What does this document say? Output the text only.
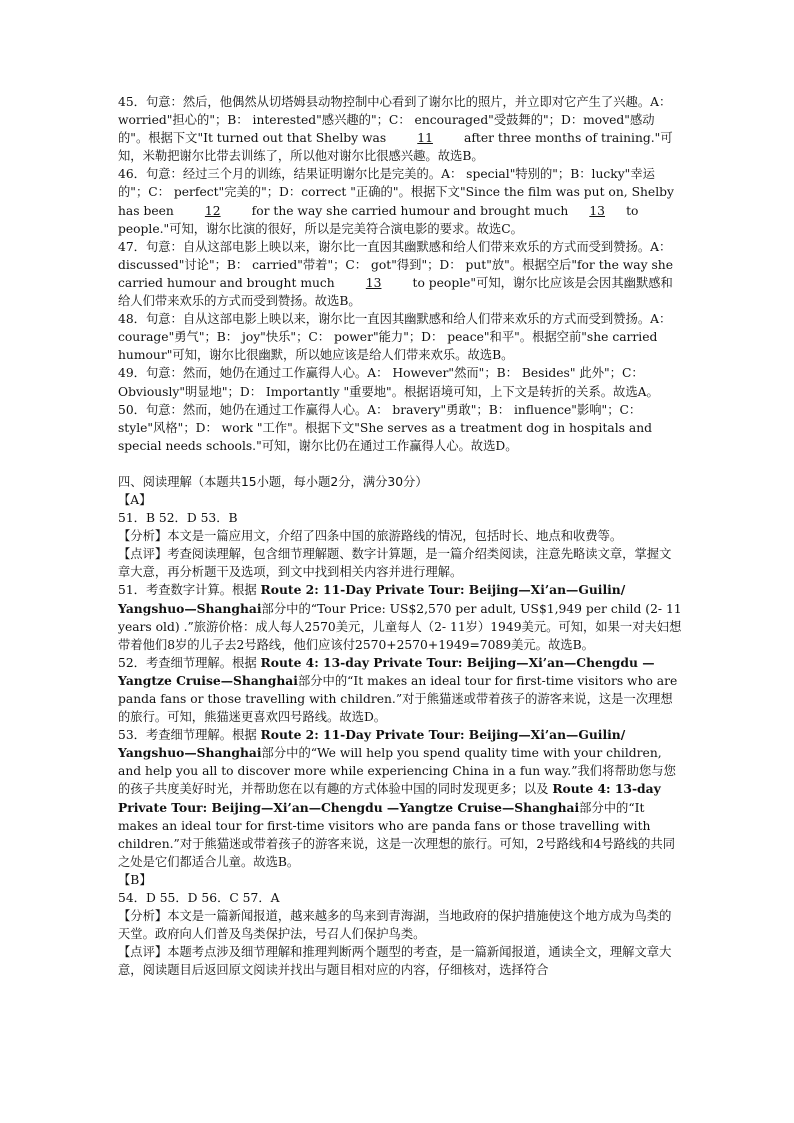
45．句意：然后，他偶然从切塔姆县动物控制中心看到了谢尔比的照片，并立即对它产生了兴趣。A： worried"担心的"；B： interested"感兴趣的"；C： encouraged"受鼓舞的"；D：moved"感动的"。根据下文"It turned out that Shelby was 11 after three months of training."可知，米勒把谢尔比带去训练了，所以他对谢尔比很感兴趣。故选B。

46．句意：经过三个月的训练，结果证明谢尔比是完美的。A： special"特别的"；B：lucky"幸运的"；C： perfect"完美的"；D：correct "正确的"。根据下文"Since the film was put on, Shelby has been 12 for the way she carried humour and brought much 13 to people."可知，谢尔比演的很好，所以是完美符合演电影的要求。故选C。

47．句意：自从这部电影上映以来，谢尔比一直因其幽默感和给人们带来欢乐的方式而受到赞扬。A： discussed"讨论"；B： carried"带着"；C： got"得到"；D： put"放"。根据空后"for the way she carried humour and brought much 13 to people"可知，谢尔比应该是会因其幽默感和给人们带来欢乐的方式而受到赞扬。故选B。

48．句意：自从这部电影上映以来，谢尔比一直因其幽默感和给人们带来欢乐的方式而受到赞扬。A： courage"勇气"；B： joy"快乐"；C： power"能力"；D： peace"和平"。根据空前"she carried humour"可知，谢尔比很幽默，所以她应该是给人们带来欢乐。故选B。

49．句意：然而，她仍在通过工作赢得人心。A： However"然而"；B： Besides" 此外"；C：Obviously"明显地"；D： Importantly "重要地"。根据语境可知，上下文是转折的关系。故选A。

50．句意：然而，她仍在通过工作赢得人心。A： bravery"勇敢"；B： influence"影响"；C：style"风格"；D： work "工作"。根据下文"She serves as a treatment dog in hospitals and special needs schools."可知，谢尔比仍在通过工作赢得人心。故选D。

四、阅读理解（本题共15小题，每小题2分，满分30分）

【A】

51．B 52．D 53．B

【分析】本文是一篇应用文，介绍了四条中国的旅游路线的情况，包括时长、地点和收费等。

【点评】考查阅读理解，包含细节理解题、数字计算题，是一篇介绍类阅读，注意先略读文章，掌握文章大意，再分析题干及选项，到文中找到相关内容并进行理解。

51．考查数字计算。根据 Route 2: 11-Day Private Tour: Beijing—Xi’an—Guilin/ Yangshuo—Shanghai部分中的“Tour Price: US$2,570 per adult, US$1,949 per child (2- 11 years old) .”旅游价格：成人每人2570美元，儿童每人（2- 11岁）1949美元。可知，如果一对夫妇想带着他们8岁的儿子去2号路线，他们应该付2570+2570+1949=7089美元。故选B。

52．考查细节理解。根据 Route 4: 13-day Private Tour: Beijing—Xi’an—Chengdu —Yangtze Cruise—Shanghai部分中的“It makes an ideal tour for first-time visitors who are panda fans or those travelling with children.”对于熊猫迷或带着孩子的游客来说，这是一次理想的旅行。可知，熊猫迷更喜欢四号路线。故选D。

53．考查细节理解。根据 Route 2: 11-Day Private Tour: Beijing—Xi’an—Guilin/ Yangshuo—Shanghai部分中的“We will help you spend quality time with your children, and help you all to discover more while experiencing China in a fun way.”我们将帮助您与您的孩子共度美好时光，并帮助您在以有趣的方式体验中国的同时发现更多；以及 Route 4: 13-day Private Tour: Beijing—Xi’an—Chengdu —Yangtze Cruise—Shanghai部分中的“It makes an ideal tour for first-time visitors who are panda fans or those travelling with children.”对于熊猫迷或带着孩子的游客来说，这是一次理想的旅行。可知，2号路线和4号路线的共同之处是它们都适合儿童。故选B。

【B】

54．D 55．D 56．C 57．A

【分析】本文是一篇新闻报道，越来越多的鸟来到青海湖，当地政府的保护措施使这个地方成为鸟类的天堂。政府向人们普及鸟类保护法，号召人们保护鸟类。

【点评】本题考点涉及细节理解和推理判断两个题型的考查，是一篇新闻报道，通读全文，理解文章大意，阅读题目后返回原文阅读并找出与题目相对应的内容，仔细核对，选择符合
